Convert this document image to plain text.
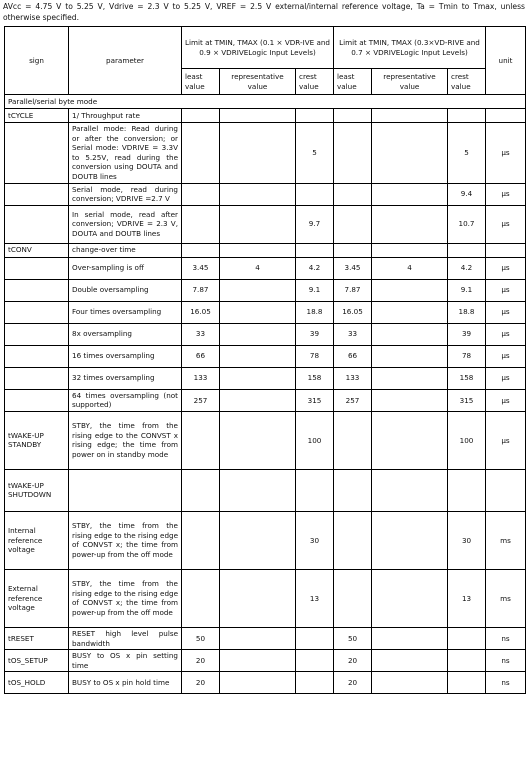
AVcc = 4.75 V to 5.25 V, Vdrive = 2.3 V to 5.25 V, VREF = 2.5 V external/internal reference voltage, Ta = Tmin to Tmax, unless otherwise specified.
sign	parameter	Limit at TMIN, TMAX (0.1 × VDR-IVE and 0.9 × VDRIVELogic Input Levels)			Limit at TMIN, TMAX (0.3×VD-RIVE and 0.7 × VDRIVELogic Input Levels)			unit
		least value	representative value	crest value	least value	representative value	crest value	
Parallel/serial byte mode								
tCYCLE	1/ Throughput rate							
	Parallel mode: Read during or after the conversion; or Serial mode: VDRIVE = 3.3V to 5.25V, read during the conversion using DOUTA and DOUTB lines			5			5	μs
	Serial mode, read during conversion; VDRIVE =2.7 V						9.4	μs
	In serial mode, read after conversion; VDRIVE = 2.3 V, DOUTA and DOUTB lines			9.7			10.7	μs
tCONV	change-over time							
	Over-sampling is off	3.45	4	4.2	3.45	4	4.2	μs
	Double oversampling	7.87		9.1	7.87		9.1	μs
	Four times oversampling	16.05		18.8	16.05		18.8	μs
	8x oversampling	33		39	33		39	μs
	16 times oversampling	66		78	66		78	μs
	32 times oversampling	133		158	133		158	μs
	64 times oversampling (not supported)	257		315	257		315	μs
tWAKE-UP STANDBY	STBY, the time from the rising edge to the CONVST x rising edge; the time from power on in standby mode			100			100	μs
tWAKE-UP SHUTDOWN								
Internal reference voltage	STBY, the time from the rising edge to the rising edge of CONVST x; the time from power-up from the off mode			30			30	ms
External reference voltage	STBY, the time from the rising edge to the rising edge of CONVST x; the time from power-up from the off mode			13			13	ms
tRESET	RESET high level pulse bandwidth	50			50			ns
tOS_SETUP	BUSY to OS x pin setting time	20			20			ns
tOS_HOLD	BUSY to OS x pin hold time	20			20			ns
